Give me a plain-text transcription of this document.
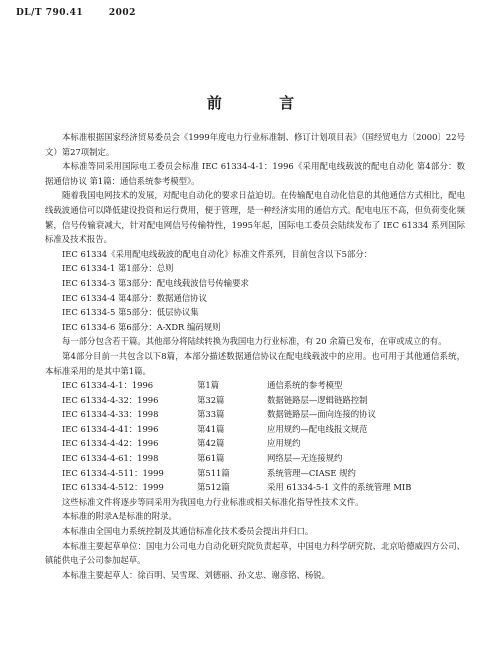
DL/T 790.41	2002
前 言

本标准根据国家经济贸易委员会《1999年度电力行业标准制、修订计划项目表》（国经贸电力〔2000〕22号文）第27项制定。

本标准等同采用国际电工委员会标准 IEC 61334-4-1：1996《采用配电线载波的配电自动化 第4部分：数据通信协议 第1篇：通信系统参考模型》。

随着我国电网技术的发展，对配电自动化的要求日益迫切。在传输配电自动化信息的其他通信方式相比，配电线载波通信可以降低建设投资和运行费用，便于管理，是一种经济实用的通信方式。配电电压不高，但负荷变化频繁，信号传输衰减大，针对配电网信号传输特性，1995年起，国际电工委员会陆续发布了 IEC 61334 系列国际标准及技术报告。

IEC 61334《采用配电线载波的配电自动化》标准文件系列，目前包含以下5部分：

IEC 61334-1 第1部分：总则

IEC 61334-3 第3部分：配电线载波信号传输要求

IEC 61334-4 第4部分：数据通信协议

IEC 61334-5 第5部分：低层协议集

IEC 61334-6 第6部分：A-XDR 编码规则

每一部分包含若干篇。其他部分将陆续转换为我国电力行业标准，有 20 余篇已发布，在审或成立的有。

第4部分目前一共包含以下8篇，本部分描述数据通信协议在配电线载波中的应用。也可用于其他通信系统，本标准采用的是其中第1篇。

IEC 61334-4-1：1996	第1篇	通信系统的参考模型
IEC 61334-4-32：1996	第32篇	数据链路层—逻辑链路控制
IEC 61334-4-33：1998	第33篇	数据链路层—面向连接的协议
IEC 61334-4-41：1996	第41篇	应用规约—配电线报文规范
IEC 61334-4-42：1996	第42篇	应用规约
IEC 61334-4-61：1998	第61篇	网络层—无连接规约
IEC 61334-4-511：1999	第511篇	系统管理—CIASE 规约
IEC 61334-4-512：1999	第512篇	采用 61334-5-1 文件的系统管理 MIB

这些标准文件将逐步等同采用为我国电力行业标准或相关标准化指导性技术文件。

本标准的附录A是标准的附录。

本标准由全国电力系统控制及其通信标准化技术委员会提出并归口。

本标准主要起草单位：国电力公司电力自动化研究院负责起草，中国电力科学研究院、北京哈德威四方公司、镇能供电子公司参加起草。

本标准主要起草人：徐百明、吴雪琛、刘德丽、孙文忠、谢彦铭、杨锐。
